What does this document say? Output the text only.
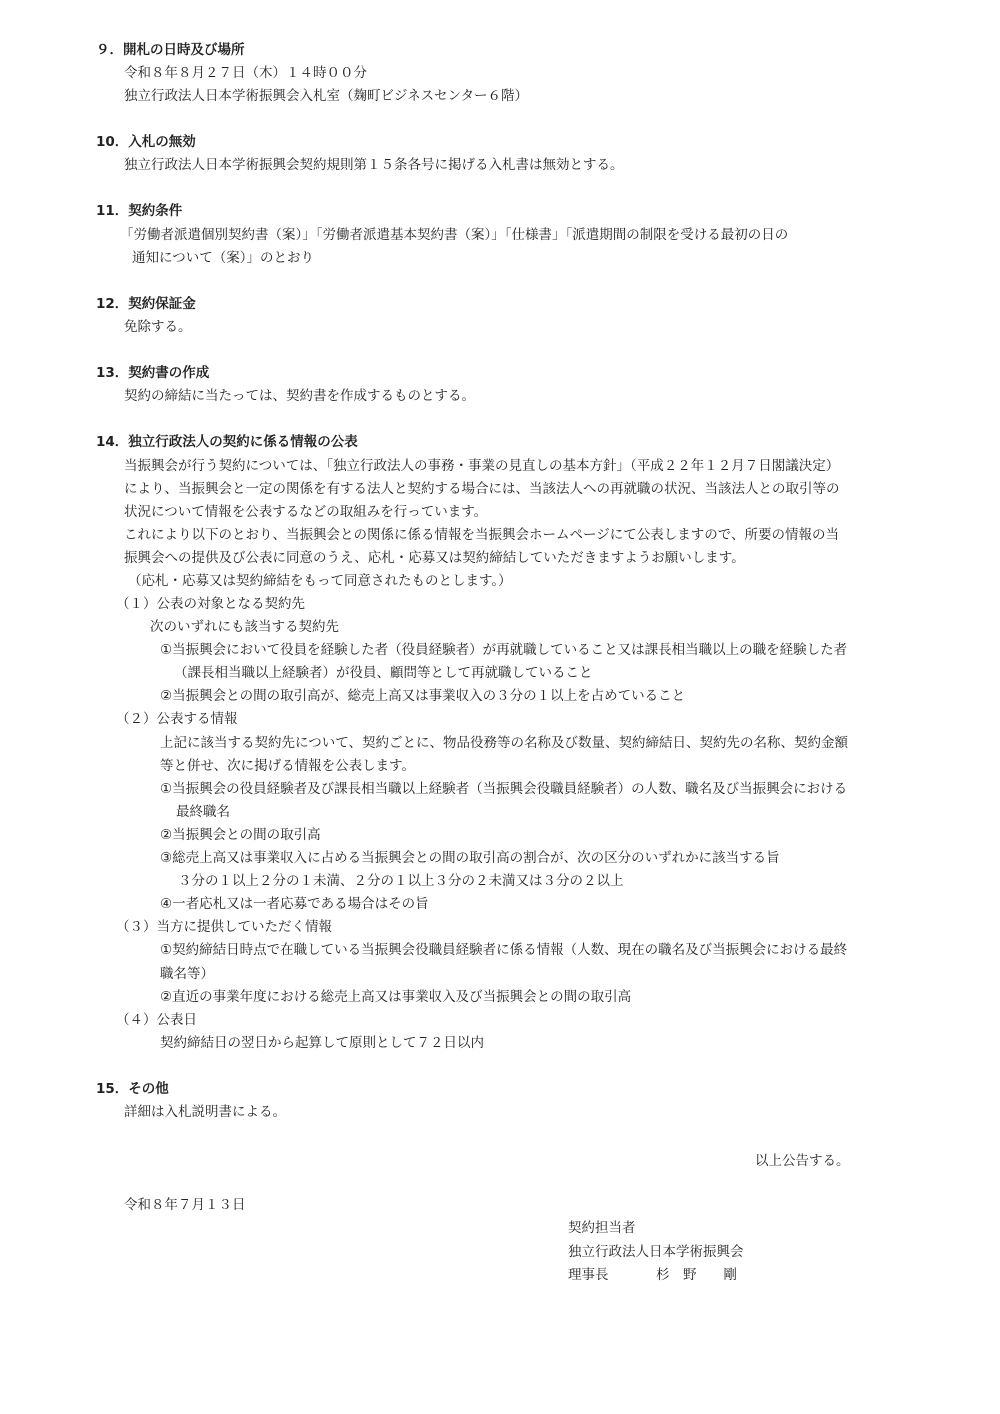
９．開札の日時及び場所
令和８年８月２７日（木）１４時００分
独立行政法人日本学術振興会入札室（麹町ビジネスセンター６階）
10．入札の無効
独立行政法人日本学術振興会契約規則第１５条各号に掲げる入札書は無効とする。
11．契約条件
「労働者派遣個別契約書（案）」「労働者派遣基本契約書（案）」「仕様書」「派遣期間の制限を受ける最初の日の
通知について（案）」のとおり
12．契約保証金
免除する。
13．契約書の作成
契約の締結に当たっては、契約書を作成するものとする。
14．独立行政法人の契約に係る情報の公表
当振興会が行う契約については、「独立行政法人の事務・事業の見直しの基本方針」（平成２２年１２月７日閣議決定）
により、当振興会と一定の関係を有する法人と契約する場合には、当該法人への再就職の状況、当該法人との取引等の
状況について情報を公表するなどの取組みを行っています。
これにより以下のとおり、当振興会との関係に係る情報を当振興会ホームページにて公表しますので、所要の情報の当
振興会への提供及び公表に同意のうえ、応札・応募又は契約締結していただきますようお願いします。
（応札・応募又は契約締結をもって同意されたものとします。）
（１）公表の対象となる契約先
次のいずれにも該当する契約先
①当振興会において役員を経験した者（役員経験者）が再就職していること又は課長相当職以上の職を経験した者
（課長相当職以上経験者）が役員、顧問等として再就職していること
②当振興会との間の取引高が、総売上高又は事業収入の３分の１以上を占めていること
（２）公表する情報
上記に該当する契約先について、契約ごとに、物品役務等の名称及び数量、契約締結日、契約先の名称、契約金額
等と併せ、次に掲げる情報を公表します。
①当振興会の役員経験者及び課長相当職以上経験者（当振興会役職員経験者）の人数、職名及び当振興会における
最終職名
②当振興会との間の取引高
③総売上高又は事業収入に占める当振興会との間の取引高の割合が、次の区分のいずれかに該当する旨
３分の１以上２分の１未満、２分の１以上３分の２未満又は３分の２以上
④一者応札又は一者応募である場合はその旨
（３）当方に提供していただく情報
①契約締結日時点で在職している当振興会役職員経験者に係る情報（人数、現在の職名及び当振興会における最終
職名等）
②直近の事業年度における総売上高又は事業収入及び当振興会との間の取引高
（４）公表日
契約締結日の翌日から起算して原則として７２日以内
15．その他
詳細は入札説明書による。
以上公告する。
令和８年７月１３日
契約担当者
独立行政法人日本学術振興会
理事長	杉　野　　剛
